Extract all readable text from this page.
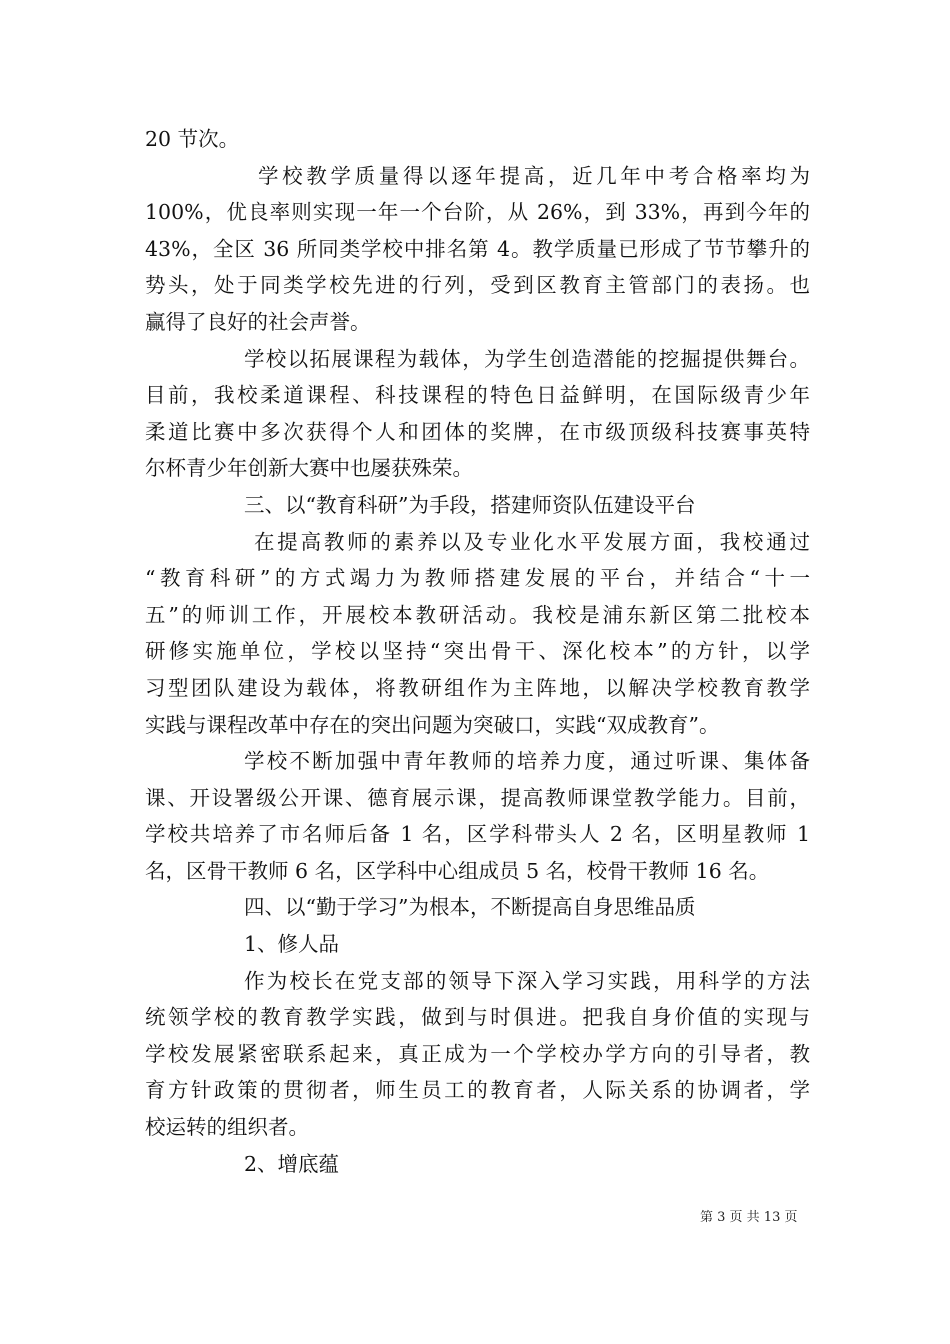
20 节次。
学校教学质量得以逐年提高，近几年中考合格率均为
100%，优良率则实现一年一个台阶，从 26%，到 33%，再到今年的
43%，全区 36 所同类学校中排名第 4。教学质量已形成了节节攀升的
势头，处于同类学校先进的行列，受到区教育主管部门的表扬。也
赢得了良好的社会声誉。
学校以拓展课程为载体，为学生创造潜能的挖掘提供舞台。
目前，我校柔道课程、科技课程的特色日益鲜明，在国际级青少年
柔道比赛中多次获得个人和团体的奖牌，在市级顶级科技赛事英特
尔杯青少年创新大赛中也屡获殊荣。
三、以“教育科研”为手段，搭建师资队伍建设平台
在提高教师的素养以及专业化水平发展方面，我校通过
“教育科研”的方式竭力为教师搭建发展的平台，并结合“十一
五”的师训工作，开展校本教研活动。我校是浦东新区第二批校本
研修实施单位，学校以坚持“突出骨干、深化校本”的方针，以学
习型团队建设为载体，将教研组作为主阵地，以解决学校教育教学
实践与课程改革中存在的突出问题为突破口，实践“双成教育”。
学校不断加强中青年教师的培养力度，通过听课、集体备
课、开设署级公开课、德育展示课，提高教师课堂教学能力。目前，
学校共培养了市名师后备 1 名，区学科带头人 2 名，区明星教师 1
名，区骨干教师 6 名，区学科中心组成员 5 名，校骨干教师 16 名。
四、以“勤于学习”为根本，不断提高自身思维品质
1、修人品
作为校长在党支部的领导下深入学习实践，用科学的方法
统领学校的教育教学实践，做到与时俱进。把我自身价值的实现与
学校发展紧密联系起来，真正成为一个学校办学方向的引导者，教
育方针政策的贯彻者，师生员工的教育者，人际关系的协调者，学
校运转的组织者。
2、增底蕴
第 3 页 共 13 页
